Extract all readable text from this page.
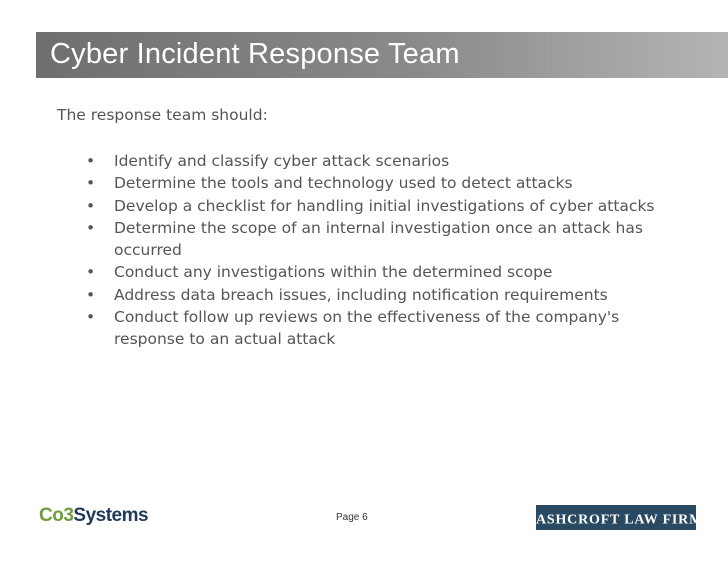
Cyber Incident Response Team
The response team should:
• Identify and classify cyber attack scenarios
• Determine the tools and technology used to detect attacks
• Develop a checklist for handling initial investigations of cyber attacks
• Determine the scope of an internal investigation once an attack has occurred
• Conduct any investigations within the determined scope
• Address data breach issues, including notification requirements
• Conduct follow up reviews on the effectiveness of the company's response to an actual attack
Co3Systems	Page 6	ASHCROFT LAW FIRM™
